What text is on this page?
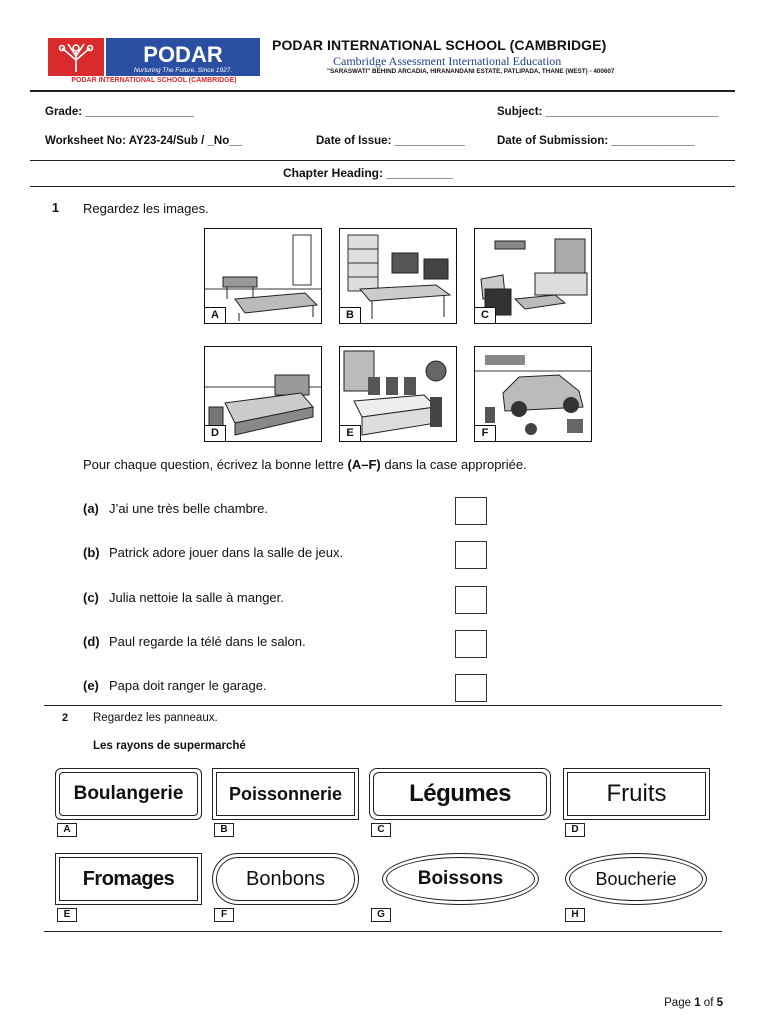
PODAR
Nurturing The Future. Since 1927.
PODAR INTERNATIONAL SCHOOL (CAMBRIDGE)
PODAR INTERNATIONAL SCHOOL (CAMBRIDGE)
Cambridge Assessment International Education
"SARASWATI" BEHIND ARCADIA, HIRANANDANI ESTATE, PATLIPADA, THANE (WEST) - 400607
Grade: _________________	Subject: ___________________________
Worksheet No: AY23-24/Sub / _No__	Date of Issue: ___________	Date of Submission: _____________
Chapter Heading: __________
1 Regardez les images.
A	B	C
D	E	F
Pour chaque question, écrivez la bonne lettre (A–F) dans la case appropriée.
(a) J’ai une très belle chambre.
(b) Patrick adore jouer dans la salle de jeux.
(c) Julia nettoie la salle à manger.
(d) Paul regarde la télé dans le salon.
(e) Papa doit ranger le garage.
2 Regardez les panneaux.
Les rayons de supermarché
Boulangerie
A
Poissonnerie
B
Légumes
C
Fruits
D
Fromages
E
Bonbons
F
Boissons
G
Boucherie
H
Page 1 of 5
